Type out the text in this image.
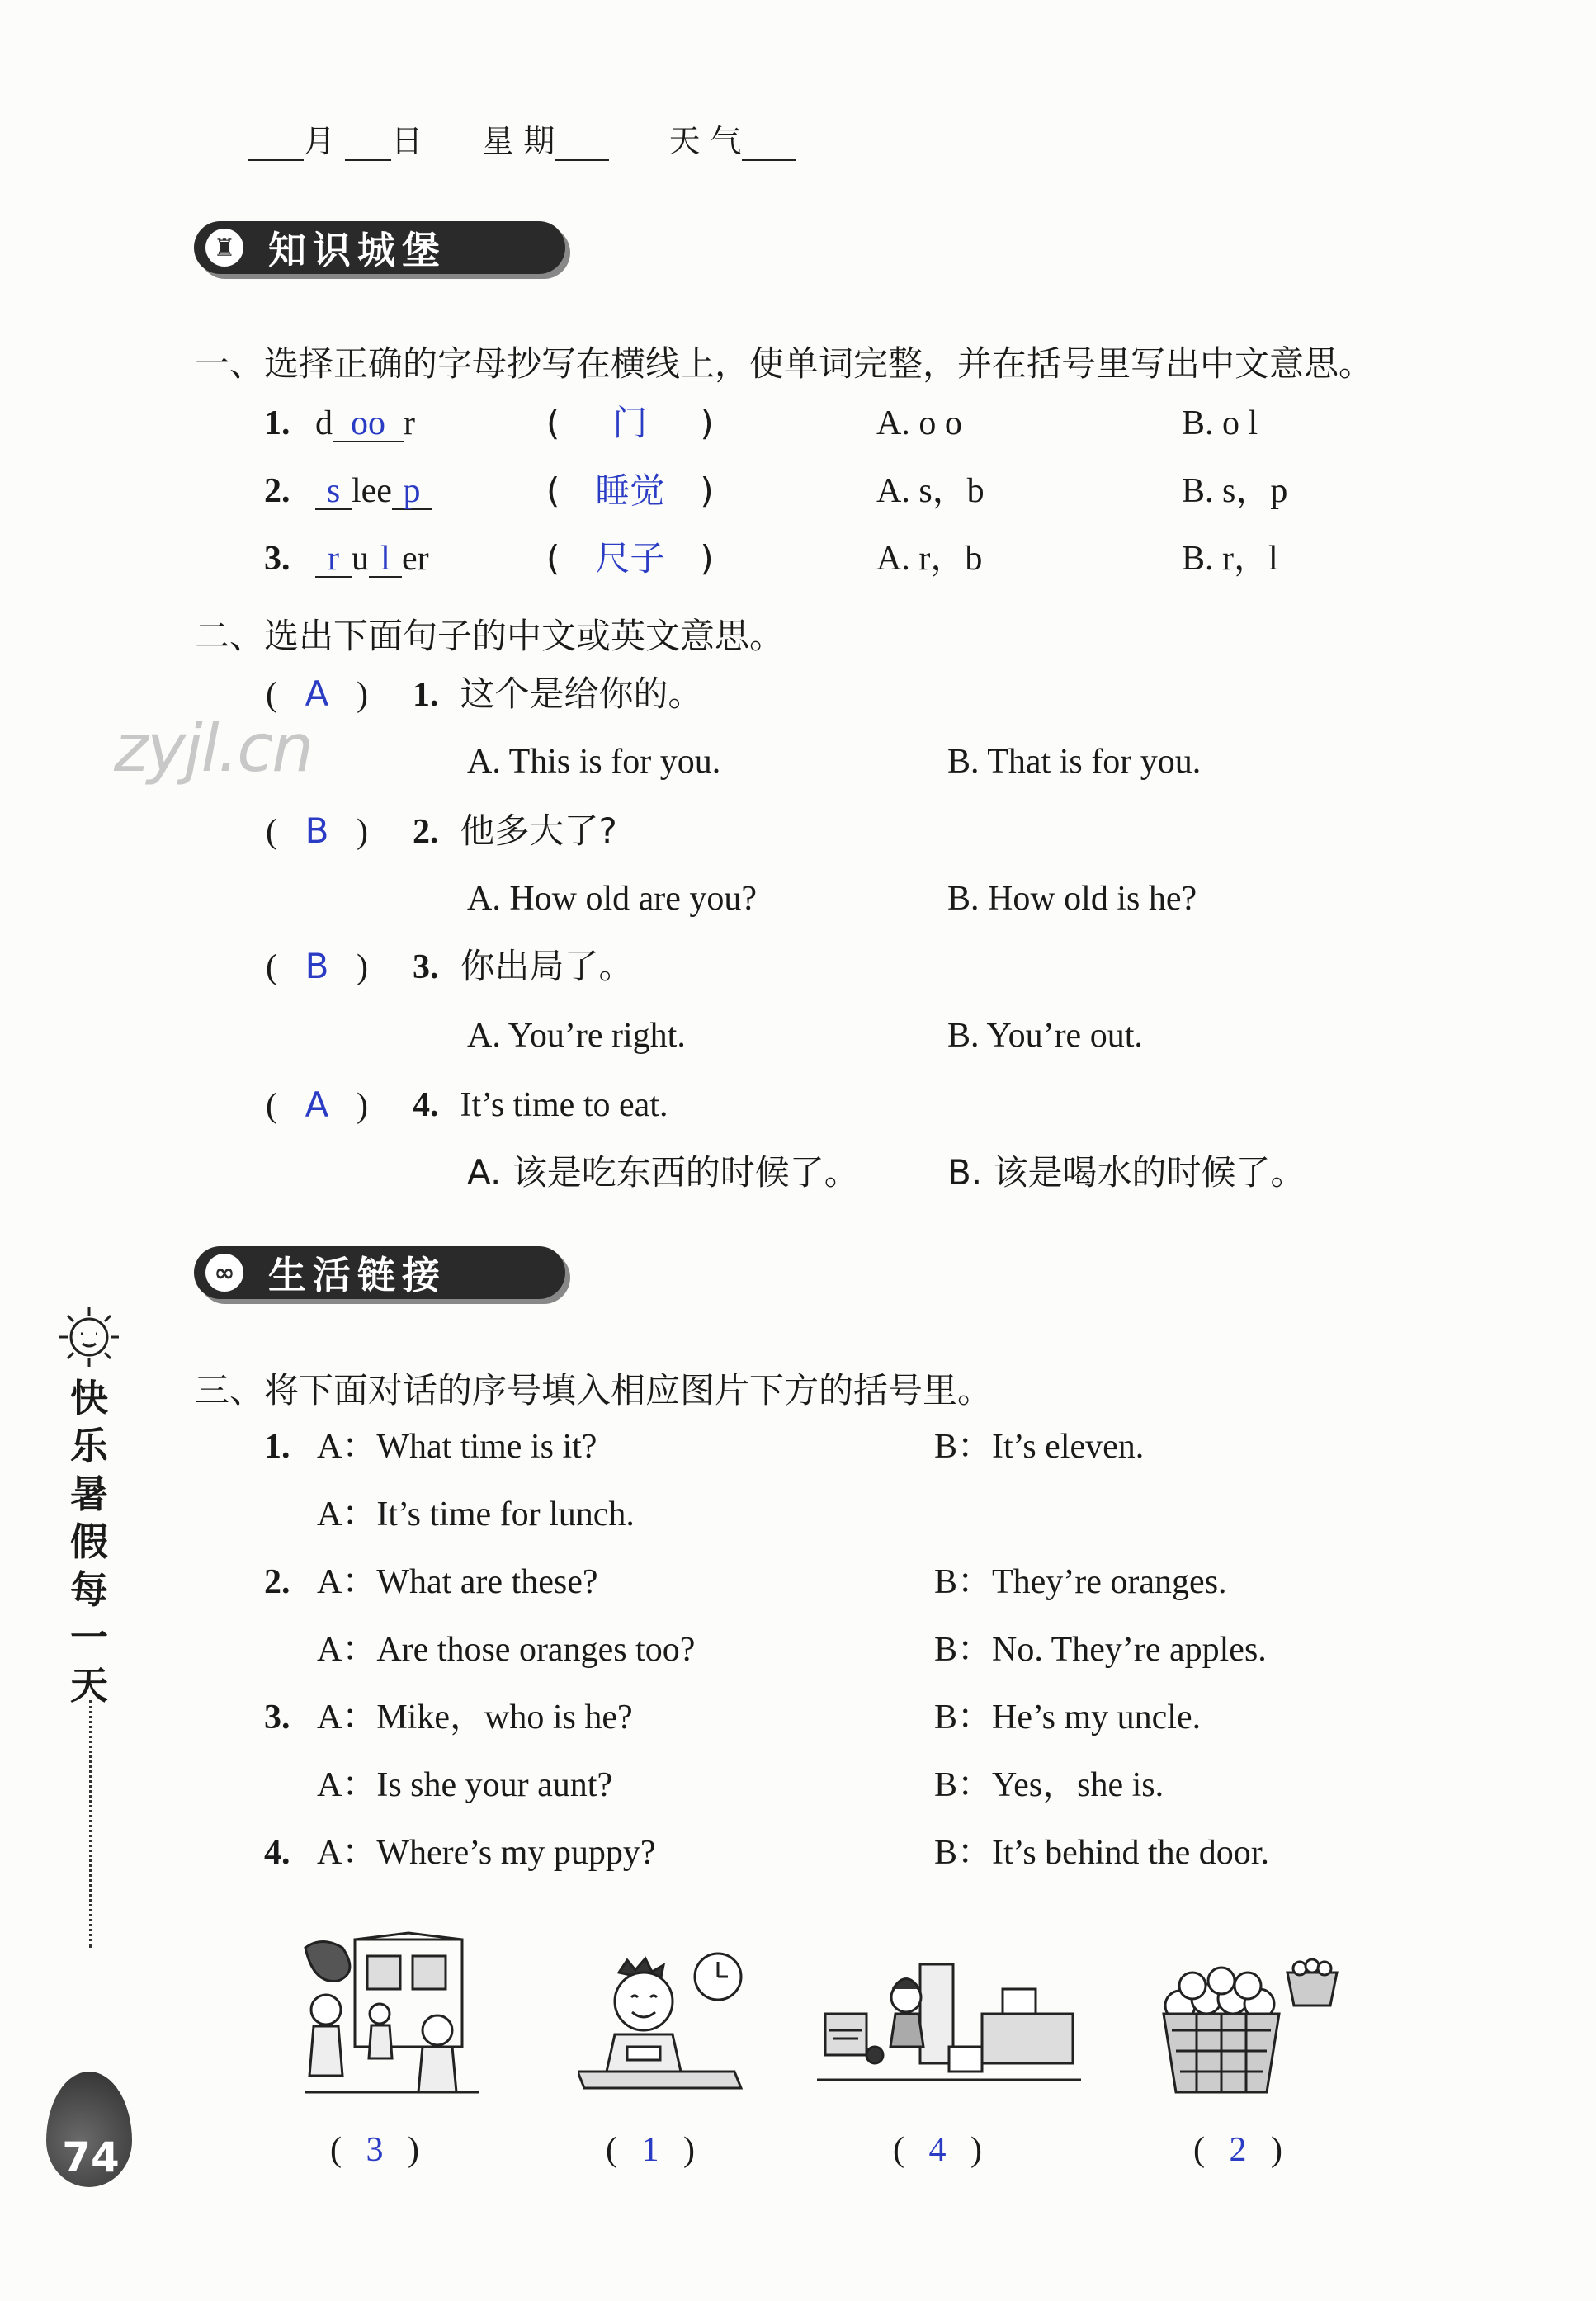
月 日 星 期	天 气
♜ 知识城堡
一、选择正确的字母抄写在横线上，使单词完整，并在括号里写出中文意思。
1. d oo r	( 门 )	A. o o	B. o l
2. s lee p	( 睡觉 )	A. s，b	B. s，p
3. r u l er	( 尺子 )	A. r，b	B. r，l
二、选出下面句子的中文或英文意思。
zyjl.cn
( A ) 1. 这个是给你的。
A. This is for you.	B. That is for you.
( B ) 2. 他多大了?
A. How old are you?	B. How old is he?
( B ) 3. 你出局了。
A. You’re right.	B. You’re out.
( A ) 4. It’s time to eat.
A. 该是吃东西的时候了。	B. 该是喝水的时候了。
∞ 生活链接
三、将下面对话的序号填入相应图片下方的括号里。
1. A：What time is it?	B：It’s eleven.
A：It’s time for lunch.
2. A：What are these?	B：They’re oranges.
A：Are those oranges too?	B：No. They’re apples.
3. A：Mike，who is he?	B：He’s my uncle.
A：Is she your aunt?	B：Yes，she is.
4. A：Where’s my puppy?	B：It’s behind the door.
( 3 )	( 1 )	( 4 )	( 2 )
快
乐
暑
假
每
一
天
74
